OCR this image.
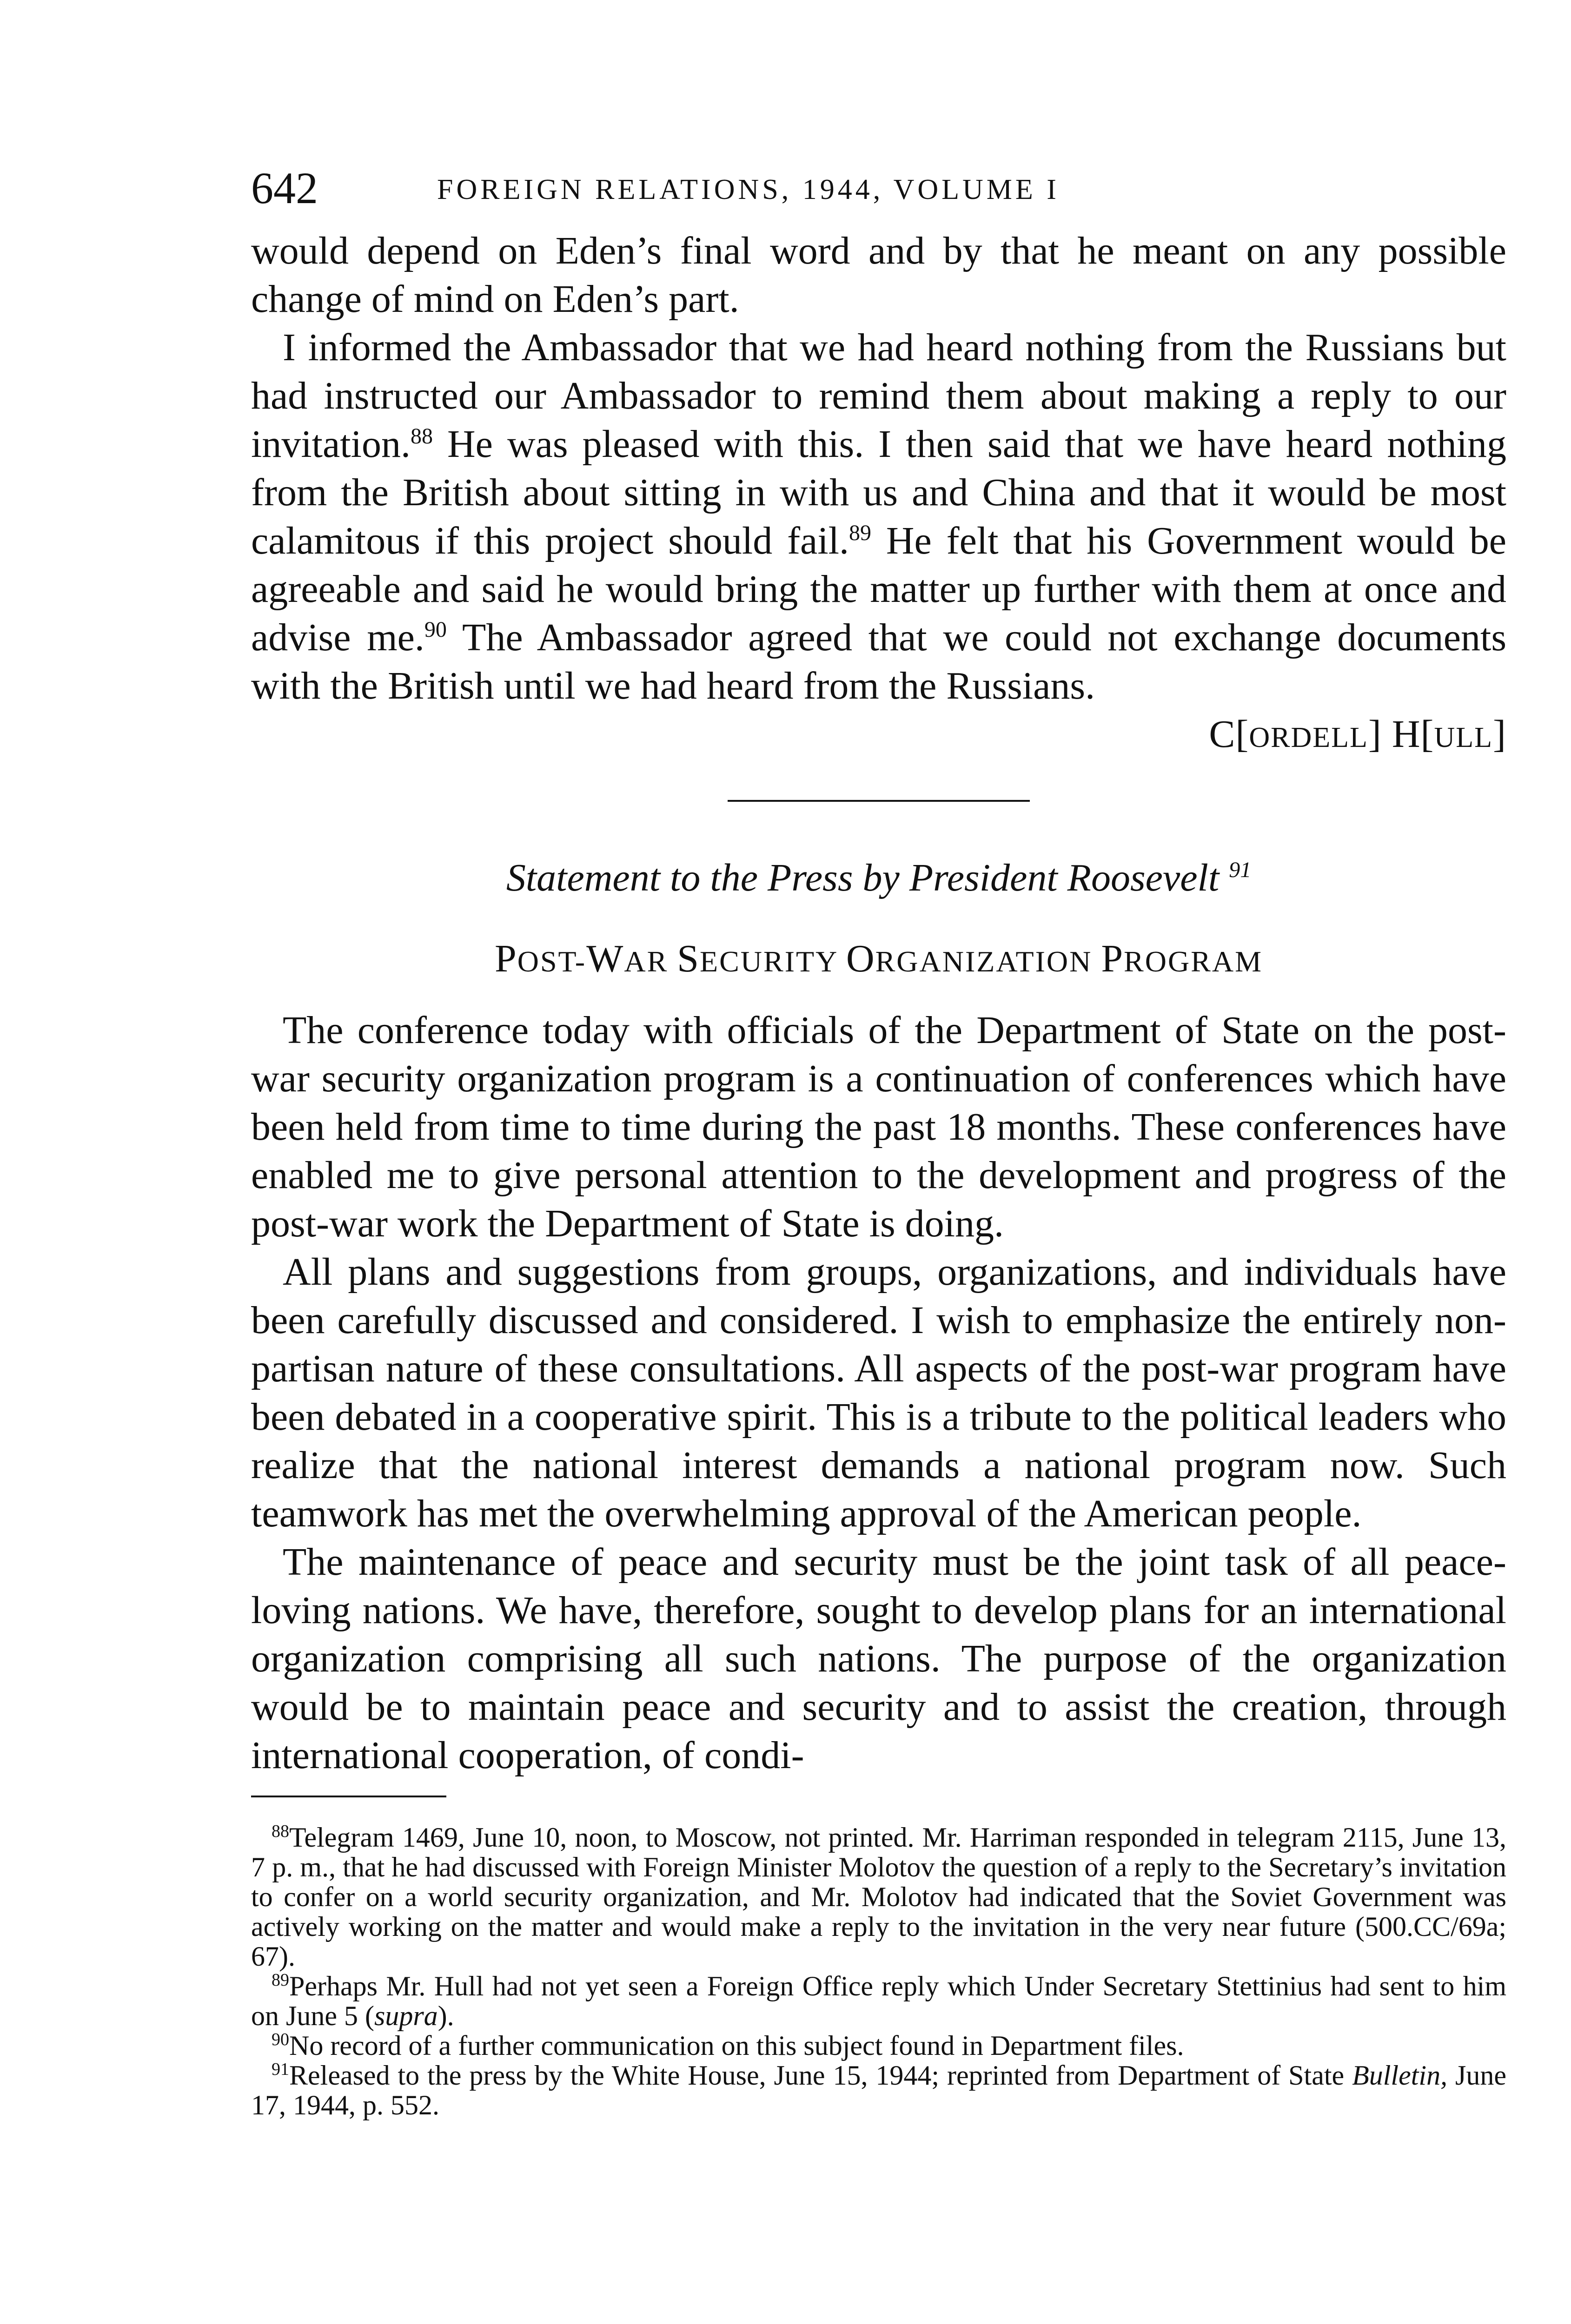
642	FOREIGN RELATIONS, 1944, VOLUME I

would depend on Eden’s final word and by that he meant on any possible change of mind on Eden’s part.

I informed the Ambassador that we had heard nothing from the Russians but had instructed our Ambassador to remind them about making a reply to our invitation.$^{88}$ He was pleased with this. I then said that we have heard nothing from the British about sitting in with us and China and that it would be most calamitous if this project should fail.$^{89}$ He felt that his Government would be agreeable and said he would bring the matter up further with them at once and advise me.$^{90}$ The Ambassador agreed that we could not exchange documents with the British until we had heard from the Russians.

C[ORDELL] H[ULL]

Statement to the Press by President Roosevelt $^{91}$

POST-WAR SECURITY ORGANIZATION PROGRAM

The conference today with officials of the Department of State on the post-war security organization program is a continuation of conferences which have been held from time to time during the past 18 months. These conferences have enabled me to give personal attention to the development and progress of the post-war work the Department of State is doing.

All plans and suggestions from groups, organizations, and individuals have been carefully discussed and considered. I wish to emphasize the entirely non-partisan nature of these consultations. All aspects of the post-war program have been debated in a cooperative spirit. This is a tribute to the political leaders who realize that the national interest demands a national program now. Such teamwork has met the overwhelming approval of the American people.

The maintenance of peace and security must be the joint task of all peace-loving nations. We have, therefore, sought to develop plans for an international organization comprising all such nations. The purpose of the organization would be to maintain peace and security and to assist the creation, through international cooperation, of condi-

$^{88}$Telegram 1469, June 10, noon, to Moscow, not printed. Mr. Harriman responded in telegram 2115, June 13, 7 p. m., that he had discussed with Foreign Minister Molotov the question of a reply to the Secretary’s invitation to confer on a world security organization, and Mr. Molotov had indicated that the Soviet Government was actively working on the matter and would make a reply to the invitation in the very near future (500.CC/69a; 67).

$^{89}$Perhaps Mr. Hull had not yet seen a Foreign Office reply which Under Secretary Stettinius had sent to him on June 5 (supra).

$^{90}$No record of a further communication on this subject found in Department files.

$^{91}$Released to the press by the White House, June 15, 1944; reprinted from Department of State Bulletin, June 17, 1944, p. 552.
